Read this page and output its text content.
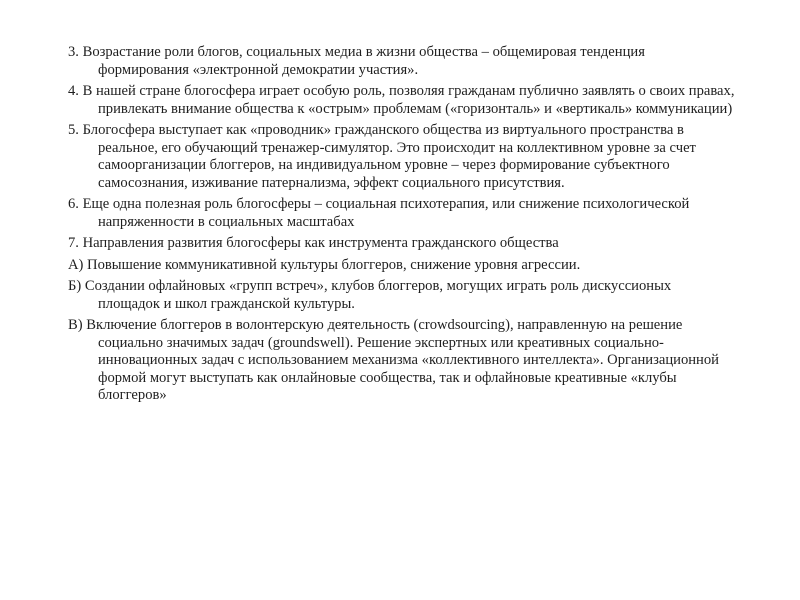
3. Возрастание роли блогов, социальных медиа в жизни общества – общемировая тенденция формирования «электронной демократии участия».

4. В нашей стране блогосфера играет особую роль, позволяя гражданам публично заявлять о своих правах, привлекать внимание общества к «острым» проблемам («горизонталь» и «вертикаль» коммуникации)

5. Блогосфера выступает как «проводник» гражданского общества из виртуального пространства в реальное, его обучающий тренажер-симулятор. Это происходит на коллективном уровне за счет самоорганизации блоггеров, на индивидуальном уровне – через формирование субъектного самосознания, изживание патернализма, эффект социального присутствия.

6. Еще одна полезная роль блогосферы – социальная психотерапия, или снижение психологической напряженности в социальных масштабах

7. Направления развития блогосферы как инструмента гражданского общества

А) Повышение коммуникативной культуры блоггеров, снижение уровня агрессии.

Б) Создании офлайновых «групп встреч», клубов блоггеров, могущих играть роль дискуссионых площадок и школ гражданской культуры.

В) Включение блоггеров в волонтерскую деятельность (crowdsourcing), направленную на решение социально значимых задач (groundswell). Решение экспертных или креативных социально-инновационных задач с использованием механизма «коллективного интеллекта». Организационной формой могут выступать как онлайновые сообщества, так и офлайновые креативные «клубы блоггеров»
